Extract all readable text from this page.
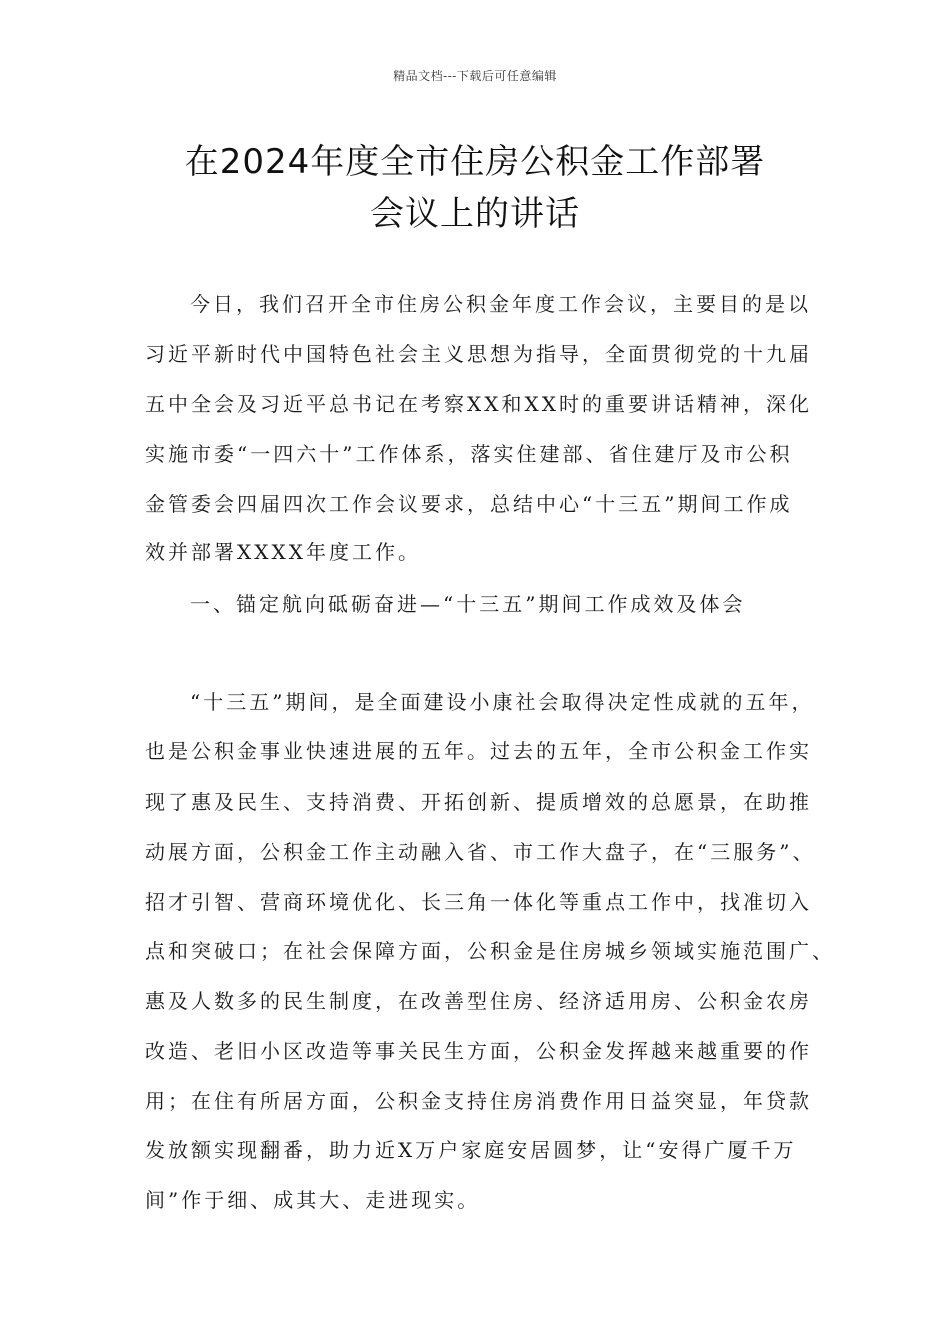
精品文档---下载后可任意编辑
在2024年度全市住房公积金工作部署
会议上的讲话
今日，我们召开全市住房公积金年度工作会议，主要目的是以
习近平新时代中国特色社会主义思想为指导，全面贯彻党的十九届
五中全会及习近平总书记在考察XX和XX时的重要讲话精神，深化
实施市委“一四六十”工作体系，落实住建部、省住建厅及市公积
金管委会四届四次工作会议要求，总结中心“十三五”期间工作成
效并部署XXXX年度工作。
一、锚定航向砥砺奋进—“十三五”期间工作成效及体会
“十三五”期间，是全面建设小康社会取得决定性成就的五年，
也是公积金事业快速进展的五年。过去的五年，全市公积金工作实
现了惠及民生、支持消费、开拓创新、提质增效的总愿景，在助推
动展方面，公积金工作主动融入省、市工作大盘子，在“三服务”、
招才引智、营商环境优化、长三角一体化等重点工作中，找准切入
点和突破口；在社会保障方面，公积金是住房城乡领域实施范围广、
惠及人数多的民生制度，在改善型住房、经济适用房、公积金农房
改造、老旧小区改造等事关民生方面，公积金发挥越来越重要的作
用；在住有所居方面，公积金支持住房消费作用日益突显，年贷款
发放额实现翻番，助力近X万户家庭安居圆梦，让“安得广厦千万
间”作于细、成其大、走进现实。
